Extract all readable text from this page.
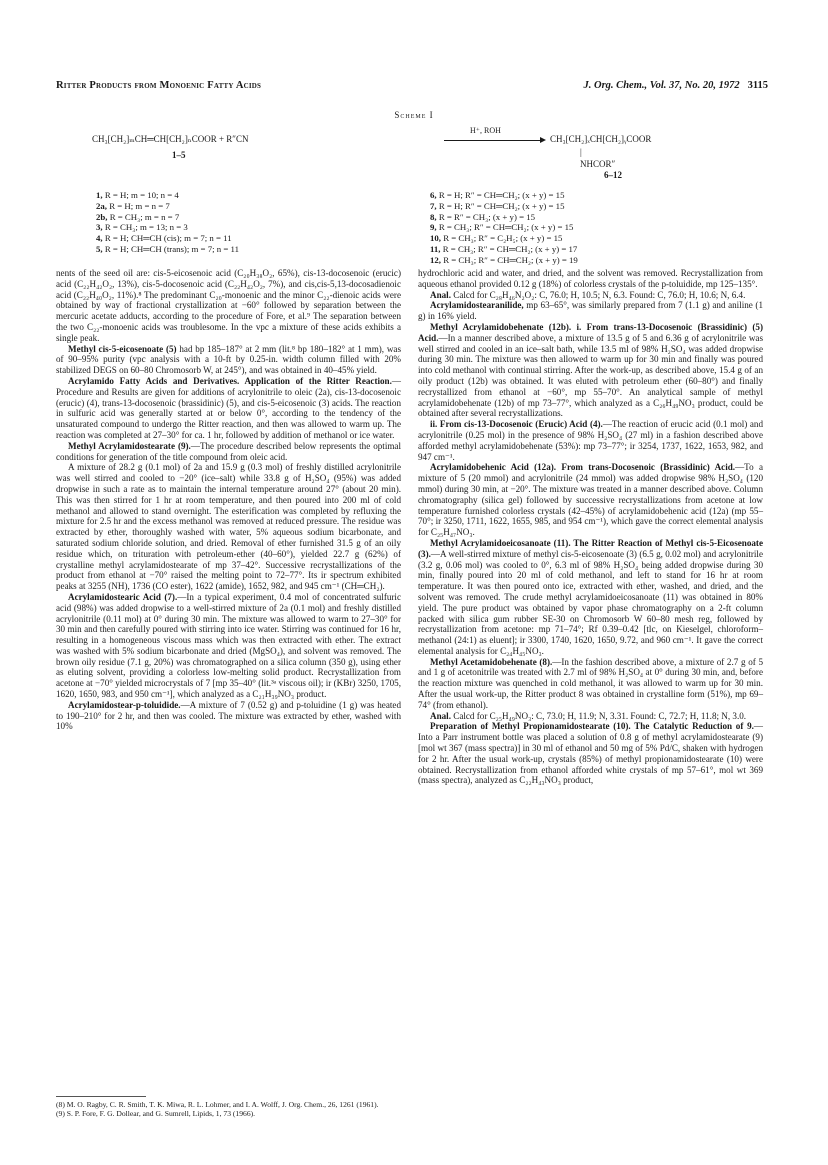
Ritter Products from Monoenic Fatty Acids	J. Org. Chem., Vol. 37, No. 20, 1972 3115
Scheme I
CH₃[CH₂]ₘCH═CH[CH₂]ₙCOOR + R″CN
1–5
H⁺, ROH
CH₃[CH₂]ₓCH[CH₂]ᵧCOOR
|
NHCOR″
6–12
1, R = H; m = 10; n = 4
2a, R = H; m = n = 7
2b, R = CH₃; m = n = 7
3, R = CH₃; m = 13; n = 3
4, R = H; CH═CH (cis); m = 7; n = 11
5, R = H; CH═CH (trans); m = 7; n = 11
6, R = H; R″ = CH═CH₂; (x + y) = 15
7, R = H; R″ = CH═CH₂; (x + y) = 15
8, R = R″ = CH₃; (x + y) = 15
9, R = CH₃; R″ = CH═CH₂; (x + y) = 15
10, R = CH₃; R″ = C₂H₅; (x + y) = 15
11, R = CH₃; R″ = CH═CH₂; (x + y) = 17
12, R = CH₃; R″ = CH═CH₂; (x + y) = 19

nents of the seed oil are: cis-5-eicosenoic acid (C₂₀H₃₈O₂, 65%), cis-13-docosenoic (erucic) acid (C₂₂H₄₂O₂, 13%), cis-5-docosenoic acid (C₂₂H₄₂O₂, 7%), and cis,cis-5,13-docosadienoic acid (C₂₂H₄₀O₂, 11%).⁸ The predominant C₂₀-monoenic and the minor C₂₂-dienoic acids were obtained by way of fractional crystallization at −60° followed by separation between the mercuric acetate adducts, according to the procedure of Fore, et al.⁹ The separation between the two C₂₂-monoenic acids was troublesome. In the vpc a mixture of these acids exhibits a single peak.

Methyl cis-5-eicosenoate (5) had bp 185–187° at 2 mm (lit.⁸ bp 180–182° at 1 mm), was of 90–95% purity (vpc analysis with a 10-ft by 0.25-in. width column filled with 20% stabilized DEGS on 60–80 Chromosorb W, at 245°), and was obtained in 40–45% yield.

Acrylamido Fatty Acids and Derivatives. Application of the Ritter Reaction.—Procedure and Results are given for additions of acrylonitrile to oleic (2a), cis-13-docosenoic (erucic) (4), trans-13-docosenoic (brassidinic) (5), and cis-5-eicosenoic (3) acids. The reaction in sulfuric acid was generally started at or below 0°, according to the tendency of the unsaturated compound to undergo the Ritter reaction, and then was allowed to warm up. The reaction was completed at 27–30° for ca. 1 hr, followed by addition of methanol or ice water.

Methyl Acrylamidostearate (9).—The procedure described below represents the optimal conditions for generation of the title compound from oleic acid.

A mixture of 28.2 g (0.1 mol) of 2a and 15.9 g (0.3 mol) of freshly distilled acrylonitrile was well stirred and cooled to −20° (ice–salt) while 33.8 g of H₂SO₄ (95%) was added dropwise in such a rate as to maintain the internal temperature around 27° (about 20 min). This was then stirred for 1 hr at room temperature, and then poured into 200 ml of cold methanol and allowed to stand overnight. The esterification was completed by refluxing the mixture for 2.5 hr and the excess methanol was removed at reduced pressure. The residue was extracted by ether, thoroughly washed with water, 5% aqueous sodium bicarbonate, and saturated sodium chloride solution, and dried. Removal of ether furnished 31.5 g of an oily residue which, on trituration with petroleum-ether (40–60°), yielded 22.7 g (62%) of crystalline methyl acrylamidostearate of mp 37–42°. Successive recrystallizations of the product from ethanol at −70° raised the melting point to 72–77°. Its ir spectrum exhibited peaks at 3255 (NH), 1736 (CO ester), 1622 (amide), 1652, 982, and 945 cm⁻¹ (CH═CH₂).

Acrylamidostearic Acid (7).—In a typical experiment, 0.4 mol of concentrated sulfuric acid (98%) was added dropwise to a well-stirred mixture of 2a (0.1 mol) and freshly distilled acrylonitrile (0.11 mol) at 0° during 30 min. The mixture was allowed to warm to 27–30° for 30 min and then carefully poured with stirring into ice water. Stirring was continued for 16 hr, resulting in a homogeneous viscous mass which was then extracted with ether. The extract was washed with 5% sodium bicarbonate and dried (MgSO₄), and solvent was removed. The brown oily residue (7.1 g, 20%) was chromatographed on a silica column (350 g), using ether as eluting solvent, providing a colorless low-melting solid product. Recrystallization from acetone at −70° yielded microcrystals of 7 [mp 35–40° (lit.³ᵃ viscous oil); ir (KBr) 3250, 1705, 1620, 1650, 983, and 950 cm⁻¹], which analyzed as a C₂₁H₃₉NO₃ product.

Acrylamidostear-p-toluidide.—A mixture of 7 (0.52 g) and p-toluidine (1 g) was heated to 190–210° for 2 hr, and then was cooled. The mixture was extracted by ether, washed with 10%

hydrochloric acid and water, and dried, and the solvent was removed. Recrystallization from aqueous ethanol provided 0.12 g (18%) of colorless crystals of the p-toluidide, mp 125–135°.

Anal. Calcd for C₂₈H₄₆N₂O₂: C, 76.0; H, 10.5; N, 6.3. Found: C, 76.0; H, 10.6; N, 6.4.

Acrylamidostearanilide, mp 63–65°, was similarly prepared from 7 (1.1 g) and aniline (1 g) in 16% yield.

Methyl Acrylamidobehenate (12b). i. From trans-13-Docosenoic (Brassidinic) (5) Acid.—In a manner described above, a mixture of 13.5 g of 5 and 6.36 g of acrylonitrile was well stirred and cooled in an ice–salt bath, while 13.5 ml of 98% H₂SO₄ was added dropwise during 30 min. The mixture was then allowed to warm up for 30 min and finally was poured into cold methanol with continual stirring. After the work-up, as described above, 15.4 g of an oily product (12b) was obtained. It was eluted with petroleum ether (60–80°) and finally recrystallized from ethanol at −60°, mp 55–70°. An analytical sample of methyl acrylamidobehenate (12b) of mp 73–77°, which analyzed as a C₂₆H₄₉NO₃ product, could be obtained after several recrystallizations.

ii. From cis-13-Docosenoic (Erucic) Acid (4).—The reaction of erucic acid (0.1 mol) and acrylonitrile (0.25 mol) in the presence of 98% H₂SO₄ (27 ml) in a fashion described above afforded methyl acrylamidobehenate (53%): mp 73–77°; ir 3254, 1737, 1622, 1653, 982, and 947 cm⁻¹.

Acrylamidobehenic Acid (12a). From trans-Docosenoic (Brassidinic) Acid.—To a mixture of 5 (20 mmol) and acrylonitrile (24 mmol) was added dropwise 98% H₂SO₄ (120 mmol) during 30 min, at −20°. The mixture was treated in a manner described above. Column chromatography (silica gel) followed by successive recrystallizations from acetone at low temperature furnished colorless crystals (42–45%) of acrylamidobehenic acid (12a) (mp 55–70°; ir 3250, 1711, 1622, 1655, 985, and 954 cm⁻¹), which gave the correct elemental analysis for C₂₅H₄₇NO₃.

Methyl Acrylamidoeicosanoate (11). The Ritter Reaction of Methyl cis-5-Eicosenoate (3).—A well-stirred mixture of methyl cis-5-eicosenoate (3) (6.5 g, 0.02 mol) and acrylonitrile (3.2 g, 0.06 mol) was cooled to 0°, 6.3 ml of 98% H₂SO₄ being added dropwise during 30 min, finally poured into 20 ml of cold methanol, and left to stand for 16 hr at room temperature. It was then poured onto ice, extracted with ether, washed, and dried, and the solvent was removed. The crude methyl acrylamidoeicosanoate (11) was obtained in 80% yield. The pure product was obtained by vapor phase chromatography on a 2-ft column packed with silica gum rubber SE-30 on Chromosorb W 60–80 mesh reg, followed by recrystallization from acetone: mp 71–74°; Rf 0.39–0.42 [tlc, on Kieselgel, chloroform–methanol (24:1) as eluent]; ir 3300, 1740, 1620, 1650, 9.72, and 960 cm⁻¹. It gave the correct elemental analysis for C₂₄H₄₅NO₃.

Methyl Acetamidobehenate (8).—In the fashion described above, a mixture of 2.7 g of 5 and 1 g of acetonitrile was treated with 2.7 ml of 98% H₂SO₄ at 0° during 30 min, and, before the reaction mixture was quenched in cold methanol, it was allowed to warm up for 30 min. After the usual work-up, the Ritter product 8 was obtained in crystalline form (51%), mp 69–74° (from ethanol).

Anal. Calcd for C₂₅H₄₉NO₃: C, 73.0; H, 11.9; N, 3.31. Found: C, 72.7; H, 11.8; N, 3.0.

Preparation of Methyl Propionamidostearate (10). The Catalytic Reduction of 9.—Into a Parr instrument bottle was placed a solution of 0.8 g of methyl acrylamidostearate (9) [mol wt 367 (mass spectra)] in 30 ml of ethanol and 50 mg of 5% Pd/C, shaken with hydrogen for 2 hr. After the usual work-up, crystals (85%) of methyl propionamidostearate (10) were obtained. Recrystallization from ethanol afforded white crystals of mp 57–61°, mol wt 369 (mass spectra), analyzed as C₂₂H₄₃NO₃ product,

(8) M. O. Ragby, C. R. Smith, T. K. Miwa, R. L. Lohmer, and I. A. Wolff, J. Org. Chem., 26, 1261 (1961).

(9) S. P. Fore, F. G. Dollear, and G. Sumrell, Lipids, 1, 73 (1966).
